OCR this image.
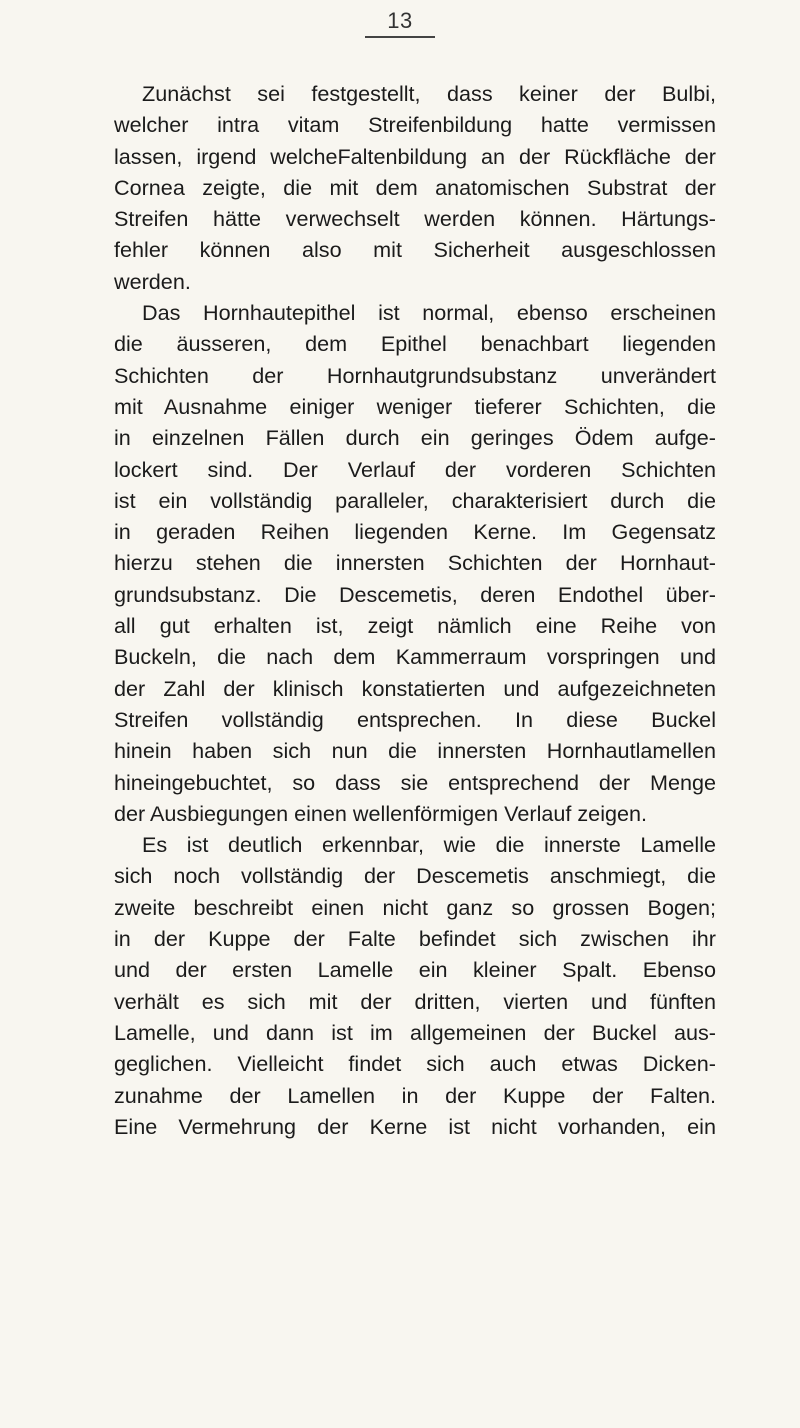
13
Zunächst sei festgestellt, dass keiner der Bulbi,
welcher intra vitam Streifenbildung hatte vermissen
lassen, irgend welcheFaltenbildung an der Rückfläche der
Cornea zeigte, die mit dem anatomischen Substrat der
Streifen hätte verwechselt werden können. Härtungs-
fehler können also mit Sicherheit ausgeschlossen
werden.
Das Hornhautepithel ist normal, ebenso erscheinen
die äusseren, dem Epithel benachbart liegenden
Schichten der Hornhautgrundsubstanz unverändert
mit Ausnahme einiger weniger tieferer Schichten, die
in einzelnen Fällen durch ein geringes Ödem aufge-
lockert sind. Der Verlauf der vorderen Schichten
ist ein vollständig paralleler, charakterisiert durch die
in geraden Reihen liegenden Kerne. Im Gegensatz
hierzu stehen die innersten Schichten der Hornhaut-
grundsubstanz. Die Descemetis, deren Endothel über-
all gut erhalten ist, zeigt nämlich eine Reihe von
Buckeln, die nach dem Kammerraum vorspringen und
der Zahl der klinisch konstatierten und aufgezeichneten
Streifen vollständig entsprechen. In diese Buckel
hinein haben sich nun die innersten Hornhautlamellen
hineingebuchtet, so dass sie entsprechend der Menge
der Ausbiegungen einen wellenförmigen Verlauf zeigen.
Es ist deutlich erkennbar, wie die innerste Lamelle
sich noch vollständig der Descemetis anschmiegt, die
zweite beschreibt einen nicht ganz so grossen Bogen;
in der Kuppe der Falte befindet sich zwischen ihr
und der ersten Lamelle ein kleiner Spalt. Ebenso
verhält es sich mit der dritten, vierten und fünften
Lamelle, und dann ist im allgemeinen der Buckel aus-
geglichen. Vielleicht findet sich auch etwas Dicken-
zunahme der Lamellen in der Kuppe der Falten.
Eine Vermehrung der Kerne ist nicht vorhanden, ein
